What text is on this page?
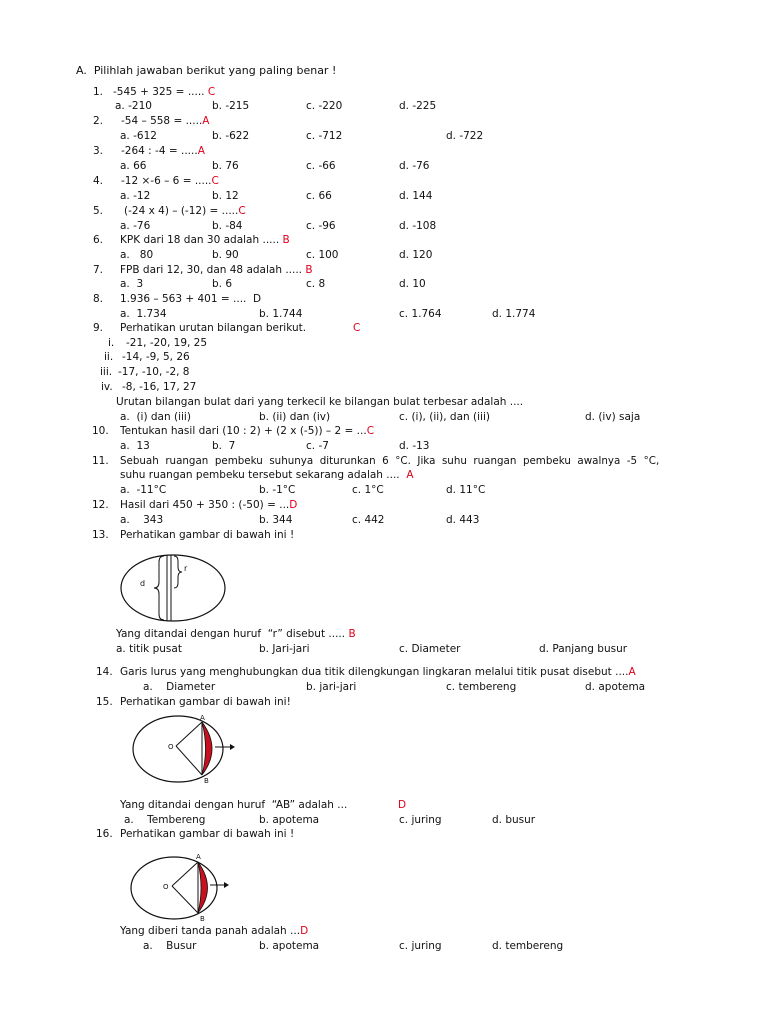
A.  Pilihlah jawaban berikut yang paling benar !
1. -545 + 325 = ..... C
a. -210	b. -215	c. -220	d. -225
2. -54 – 558 = .....A
a. -612	b. -622	c. -712	d. -722
3. -264 : -4 = .....A
a. 66	b. 76	c. -66	d. -76
4. -12 ×-6 – 6 = .....C
a. -12	b. 12	c. 66	d. 144
5. (-24 x 4) – (-12) = .....C
a. -76	b. -84	c. -96	d. -108
6. KPK dari 18 dan 30 adalah ..... B
a.   80	b. 90	c. 100	d. 120
7. FPB dari 12, 30, dan 48 adalah ..... B
a.  3	b. 6	c. 8	d. 10
8. 1.936 – 563 + 401 = ....  D
a.  1.734	b. 1.744	c. 1.764	d. 1.774
9. Perhatikan urutan bilangan berikut.	C
i. -21, -20, 19, 25
ii. -14, -9, 5, 26
iii. -17, -10, -2, 8
iv. -8, -16, 17, 27
Urutan bilangan bulat dari yang terkecil ke bilangan bulat terbesar adalah ....
a.  (i) dan (iii)	b. (ii) dan (iv)	c. (i), (ii), dan (iii)	d. (iv) saja
10. Tentukan hasil dari (10 : 2) + (2 x (-5)) – 2 = ...C
a.  13	b.  7	c. -7	d. -13
11. Sebuah  ruangan  pembeku  suhunya  diturunkan  6  °C.  Jika  suhu  ruangan  pembeku  awalnya  -5  °C,
suhu ruangan pembeku tersebut sekarang adalah ....  A
a.  -11°C	b. -1°C	c. 1°C	d. 11°C
12. Hasil dari 450 + 350 : (-50) = ...D
a.    343	b. 344	c. 442	d. 443
13. Perhatikan gambar di bawah ini !
d
r
Yang ditandai dengan huruf  “r” disebut ..... B
a. titik pusat	b. Jari-jari	c. Diameter	d. Panjang busur
14. Garis lurus yang menghubungkan dua titik dilengkungan lingkaran melalui titik pusat disebut ....A
a.    Diameter	b. jari-jari	c. tembereng	d. apotema
15. Perhatikan gambar di bawah ini!
A
O
B
Yang ditandai dengan huruf  “AB” adalah ...	D
a.    Tembereng	b. apotema	c. juring	d. busur
16. Perhatikan gambar di bawah ini !
A
O
B
Yang diberi tanda panah adalah ...D
a.    Busur	b. apotema	c. juring	d. tembereng
